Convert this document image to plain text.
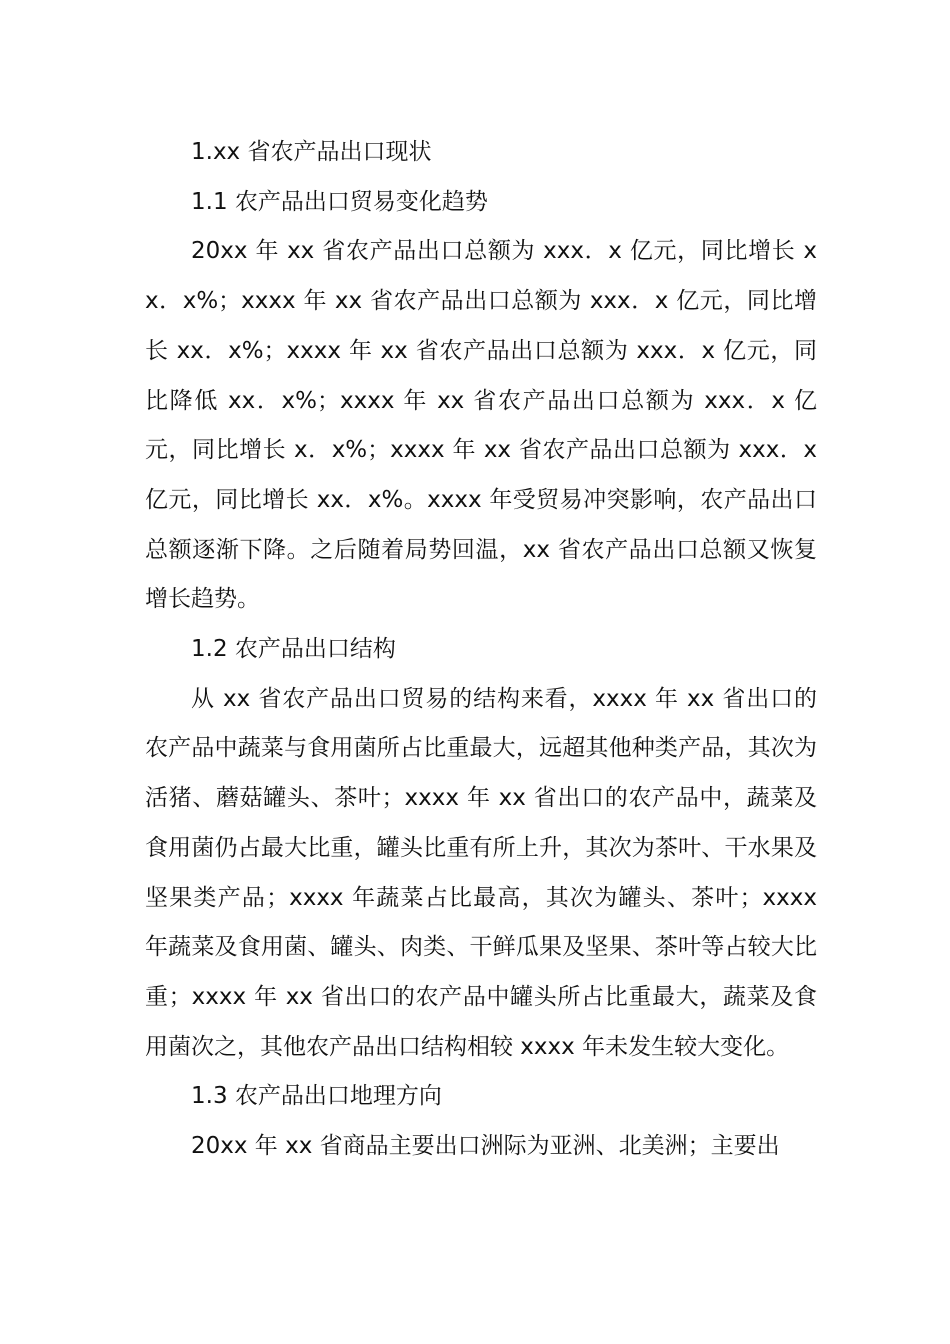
1.xx 省农产品出口现状

1.1 农产品出口贸易变化趋势

20xx 年 xx 省农产品出口总额为 xxx．x 亿元，同比增长 xx．x%；xxxx 年 xx 省农产品出口总额为 xxx．x 亿元，同比增长 xx．x%；xxxx 年 xx 省农产品出口总额为 xxx．x 亿元，同比降低 xx．x%；xxxx 年 xx 省农产品出口总额为 xxx．x 亿元，同比增长 x．x%；xxxx 年 xx 省农产品出口总额为 xxx．x 亿元，同比增长 xx．x%。xxxx 年受贸易冲突影响，农产品出口总额逐渐下降。之后随着局势回温，xx 省农产品出口总额又恢复增长趋势。

1.2 农产品出口结构

从 xx 省农产品出口贸易的结构来看，xxxx 年 xx 省出口的农产品中蔬菜与食用菌所占比重最大，远超其他种类产品，其次为活猪、蘑菇罐头、茶叶；xxxx 年 xx 省出口的农产品中，蔬菜及食用菌仍占最大比重，罐头比重有所上升，其次为茶叶、干水果及坚果类产品；xxxx 年蔬菜占比最高，其次为罐头、茶叶；xxxx 年蔬菜及食用菌、罐头、肉类、干鲜瓜果及坚果、茶叶等占较大比重；xxxx 年 xx 省出口的农产品中罐头所占比重最大，蔬菜及食用菌次之，其他农产品出口结构相较 xxxx 年未发生较大变化。

1.3 农产品出口地理方向

20xx 年 xx 省商品主要出口洲际为亚洲、北美洲；主要出
